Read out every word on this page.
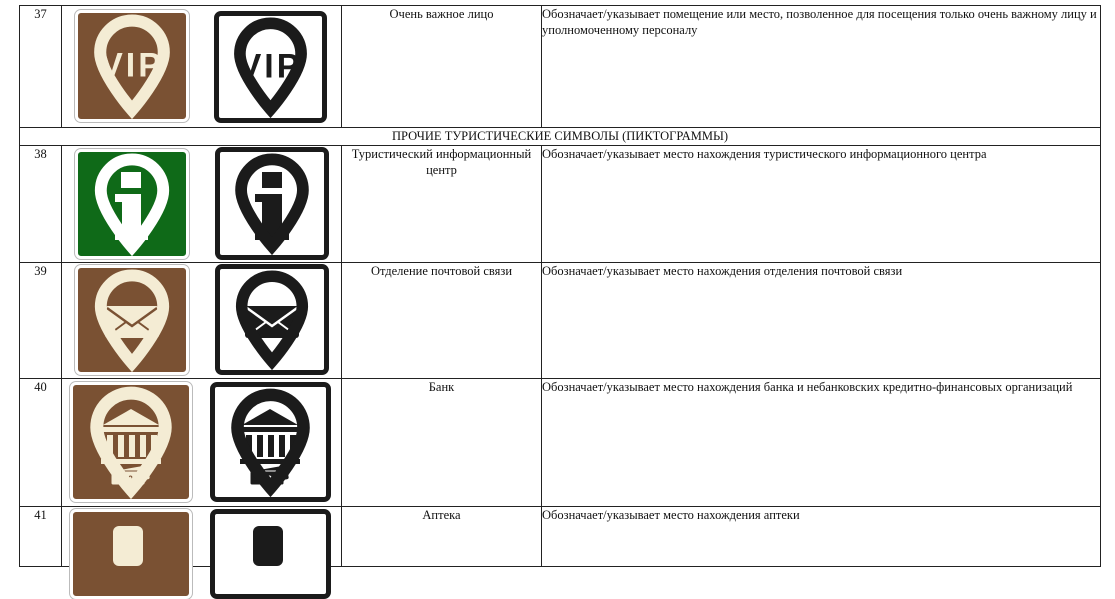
37	VIP VIP	Очень важное лицо	Обозначает/указывает помещение или место, позволенное для посещения только очень важному лицу и уполномоченному персоналу
ПРОЧИЕ ТУРИСТИЧЕСКИЕ СИМВОЛЫ (ПИКТОГРАММЫ)			
38		Туристический информационный центр	Обозначает/указывает место нахождения туристического информационного центра
39		Отделение почтовой связи	Обозначает/указывает место нахождения отделения почтовой связи
40	20 20	Банк	Обозначает/указывает место нахождения банка и небанковских кредитно-финансовых организаций
41		Аптека	Обозначает/указывает место нахождения аптеки
